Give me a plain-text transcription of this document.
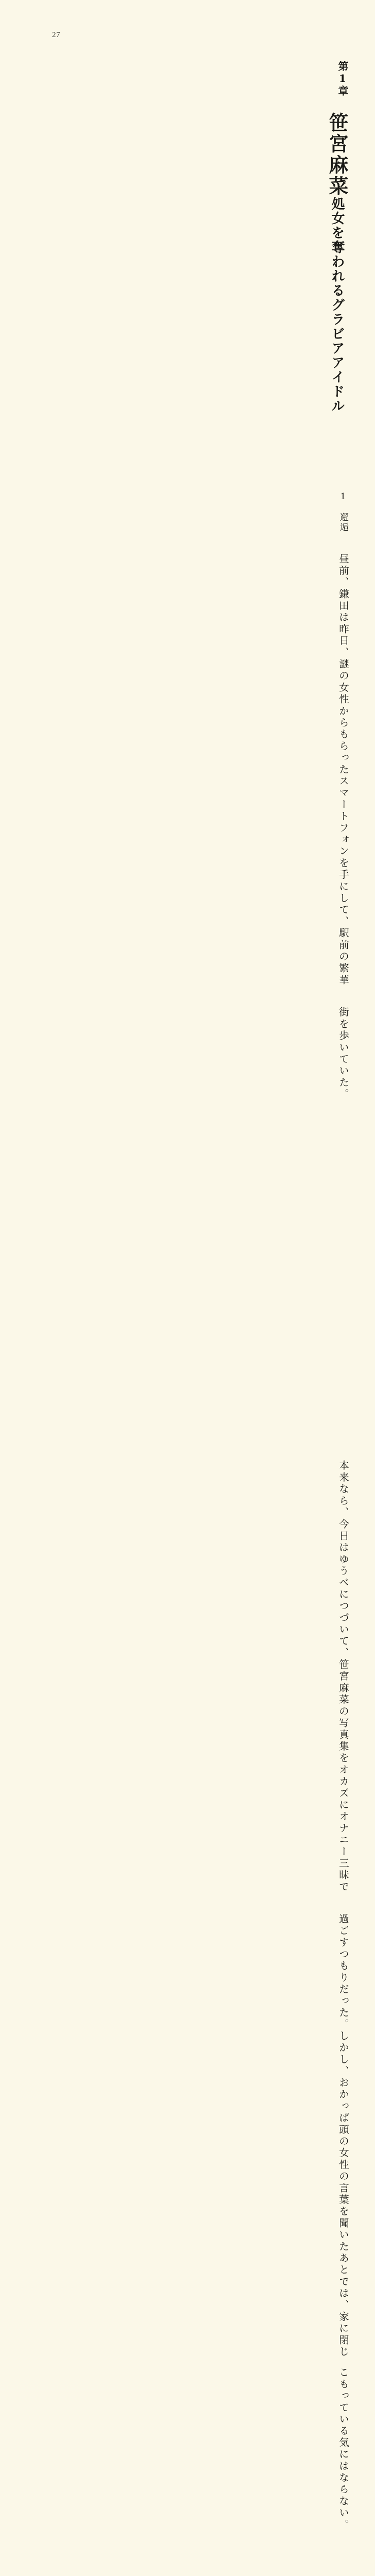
27
第1章
笹宮麻菜処女を奪われるグラビアアイドル
1　邂逅
昼前、鎌田は昨日、謎の女性からもらったスマートフォンを手にして、駅前の繁華
街を歩いていた。
本来なら、今日はゆうべにつづいて、笹宮麻菜の写真集をオカズにオナニー三昧で
過ごすつもりだった。しかし、おかっぱ頭の女性の言葉を聞いたあとでは、家に閉じ
こもっている気にはならない。
